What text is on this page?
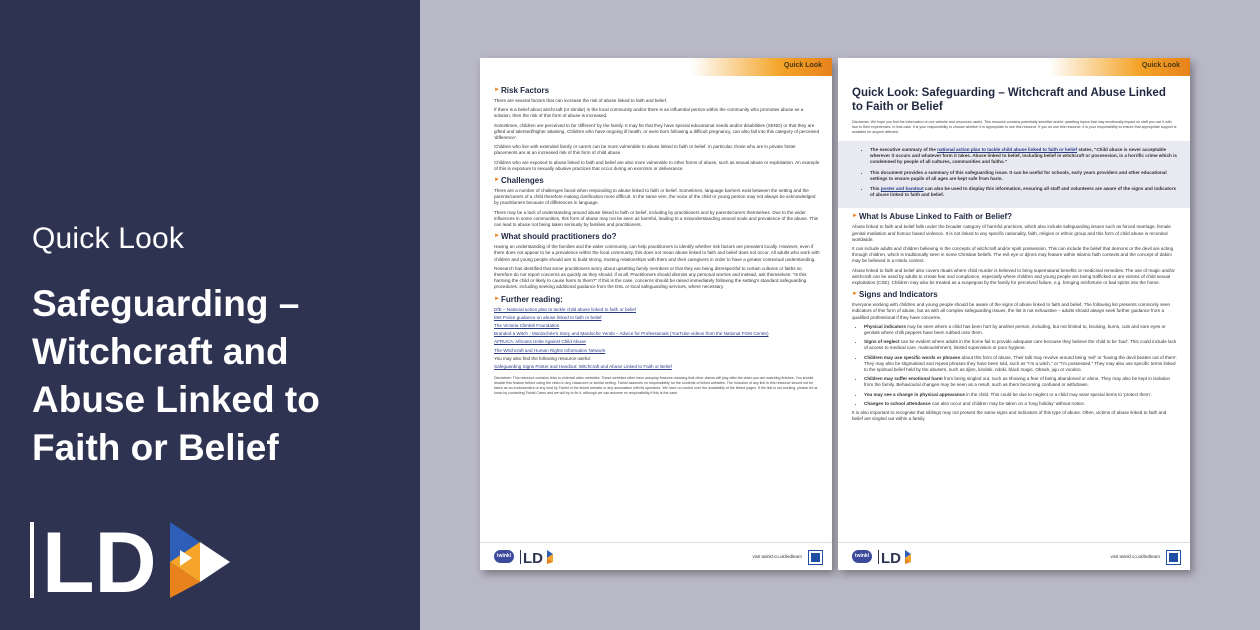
Quick Look
Safeguarding – Witchcraft and Abuse Linked to Faith or Belief
LD
Quick Look
► Risk Factors

There are several factors that can increase the risk of abuse linked to faith and belief.

If there is a belief about witchcraft (or similar) in the local community and/or there is an influential person within the community who promotes abuse as a solution, then the risk of this form of abuse is increased.

Sometimes, children are perceived to be 'different' by the family. It may be that they have special educational needs and/or disabilities (SEND) or that they are gifted and talented/higher attaining. Children who have ongoing ill health, or were born following a difficult pregnancy, can also fall into this category of perceived 'difference'.

Children who live with extended family or carers can be more vulnerable to abuse linked to faith or belief. In particular, those who are in private foster placements are at an increased risk of this form of child abuse.

Children who are exposed to abuse linked to faith and belief are also more vulnerable to other forms of abuse, such as sexual abuse or exploitation. An example of this is exposure to sexually abusive practices that occur during an exorcism or deliverance.

► Challenges

There are a number of challenges faced when responding to abuse linked to faith or belief. Sometimes, language barriers exist between the setting and the parents/carers of a child therefore making clarification more difficult. In the same vein, the voice of the child or young person may not always be acknowledged by practitioners because of differences in language.

There may be a lack of understanding around abuse linked to faith or belief, including by practitioners and by parents/carers themselves. Due to the wider influences in some communities, this form of abuse may not be seen as harmful, leading to a misunderstanding around scale and prevalence of the abuse. This can lead to abuse not being taken seriously by families and practitioners.

► What should practitioners do?

Having an understanding of the families and the wider community, can help practitioners to identify whether risk factors are prevalent locally. However, even if there does not appear to be a prevalence within the local community, this does not mean abuse linked to faith and belief does not occur. All adults who work with children and young people should aim to build strong, trusting relationships with them and their caregivers in order to have a greater contextual understanding.

Research has identified that some practitioners worry about upsetting family members or that they are being disrespectful to certain cultures or faiths so therefore do not report concerns as quickly as they should, if at all. Practitioners should dismiss any personal worries and instead, ask themselves: "Is this harming the child or likely to cause harm to them?" If this is the case, concerns should be raised immediately following the setting's standard safeguarding procedures, including seeking additional guidance from the DSL or local safeguarding services, where necessary.

► Further reading:
DfE – National action plan to tackle child abuse linked to faith or belief
Met Police guidance on abuse linked to faith or belief
The Victoria Climbié Foundation
Branded a Witch - Mardochée's Story and Mardoche Yembi – Advice for Professionals (YouTube videos from the National FGM Centre)
AFRUCA: Africans Unite Against Child Abuse
The Witchcraft and Human Rights Information Network
You may also find the following resource useful:
Safeguarding Signs Poster and Handout: Witchcraft and Abuse Linked to Faith or Belief

Disclaimer: This resource contains links to external video websites. These websites often have autoplay features meaning that other videos will play after the video you are watching finishes. You should disable this feature before using the video in any classroom or similar setting. Twinkl assumes no responsibility for the contents of linked websites. The inclusion of any link in this resource should not be taken as an endorsement of any kind by Twinkl of the linked website or any association with its operators. We have no control over the availability of the linked pages. If the link is not working, please let us know by contacting Twinkl Cares and we will try to fix it, although we can assume no responsibility if this is the case.

twinkl LD	visit twinkl.co.uk/ledlearn
Quick Look
Quick Look: Safeguarding – Witchcraft and Abuse Linked to Faith or Belief

Disclaimer: We hope you find the information on our website and resources useful. This resource contains potentially sensitive and/or upsetting topics that may emotionally impact on staff you use it with due to their experiences. In that case, it is your responsibility to choose whether it is appropriate to use this resource. If you do use this resource, it is your responsibility to ensure that appropriate support is available for anyone affected.

• The executive summary of the national action plan to tackle child abuse linked to faith or belief states, "Child abuse is never acceptable wherever it occurs and whatever form it takes. Abuse linked to belief, including belief in witchcraft or possession, is a horrific crime which is condemned by people of all cultures, communities and faiths."
• This document provides a summary of this safeguarding issue. It can be useful for schools, early years providers and other educational settings to ensure pupils of all ages are kept safe from harm.
• This poster and handout can also be used to display this information, ensuring all staff and volunteers are aware of the signs and indicators of abuse linked to faith and belief.
► What Is Abuse Linked to Faith or Belief?

Abuse linked to faith and belief falls under the broader category of harmful practices, which also include safeguarding issues such as forced marriage, female genital mutilation and honour based violence. It is not linked to any specific nationality, faith, religion or ethnic group and this form of child abuse is recorded worldwide.

It can include adults and children believing in the concepts of witchcraft and/or spirit possession. This can include the belief that demons or the devil are acting through children, which is traditionally seen in some Christian beliefs. The evil eye or djinns may feature within Islamic faith contexts and the concept of dakini may be believed in a Hindu context.

Abuse linked to faith and belief also covers rituals where child murder is believed to bring supernatural benefits or medicinal remedies. The use of magic and/or witchcraft can be used by adults to create fear and compliance, especially where children and young people are being trafficked or are victims of child sexual exploitation (CSE). Children may also be treated as a scapegoat by the family for perceived failure, e.g. bringing misfortune or bad spirits into the home.

► Signs and Indicators

Everyone working with children and young people should be aware of the signs of abuse linked to faith and belief. The following list presents commonly seen indicators of this form of abuse, but as with all complex safeguarding issues, the list is not exhaustive – adults should always seek further guidance from a qualified professional if they have concerns.

• Physical indicators may be seen where a child has been hurt by another person, including, but not limited to, bruising, burns, cuts and sore eyes or genitals where chilli peppers have been rubbed onto them.
• Signs of neglect can be evident where adults in the home fail to provide adequate care because they believe the child to be 'bad'. This could include lack of access to medical care, malnourishment, limited supervision or poor hygiene.
• Children may use specific words or phrases about this form of abuse. Their talk may revolve around being 'evil' or 'having the devil beaten out of them'. They may also be stigmatised and repeat phrases they have been told, such as "I'm a witch," or "I'm possessed." They may also use specific terms linked to the spiritual belief held by the abusers, such as djinn, kindoki, ndoki, black magic, Obeah, juju or voodoo.
• Children may suffer emotional harm from being singled out, such as showing a fear of being abandoned or alone. They may also be kept in isolation from the family. Behavioural changes may be seen as a result, such as them becoming confused or withdrawn.
• You may see a change in physical appearance in the child. This could be due to neglect or a child may wear special items to 'protect them'.
• Changes to school attendance can also occur and children may be taken on a 'long holiday' without notice.

It is also important to recognise that siblings may not present the same signs and indicators of this type of abuse. Often, victims of abuse linked to faith and belief are singled out within a family.

twinkl LD	visit twinkl.co.uk/ledlearn
